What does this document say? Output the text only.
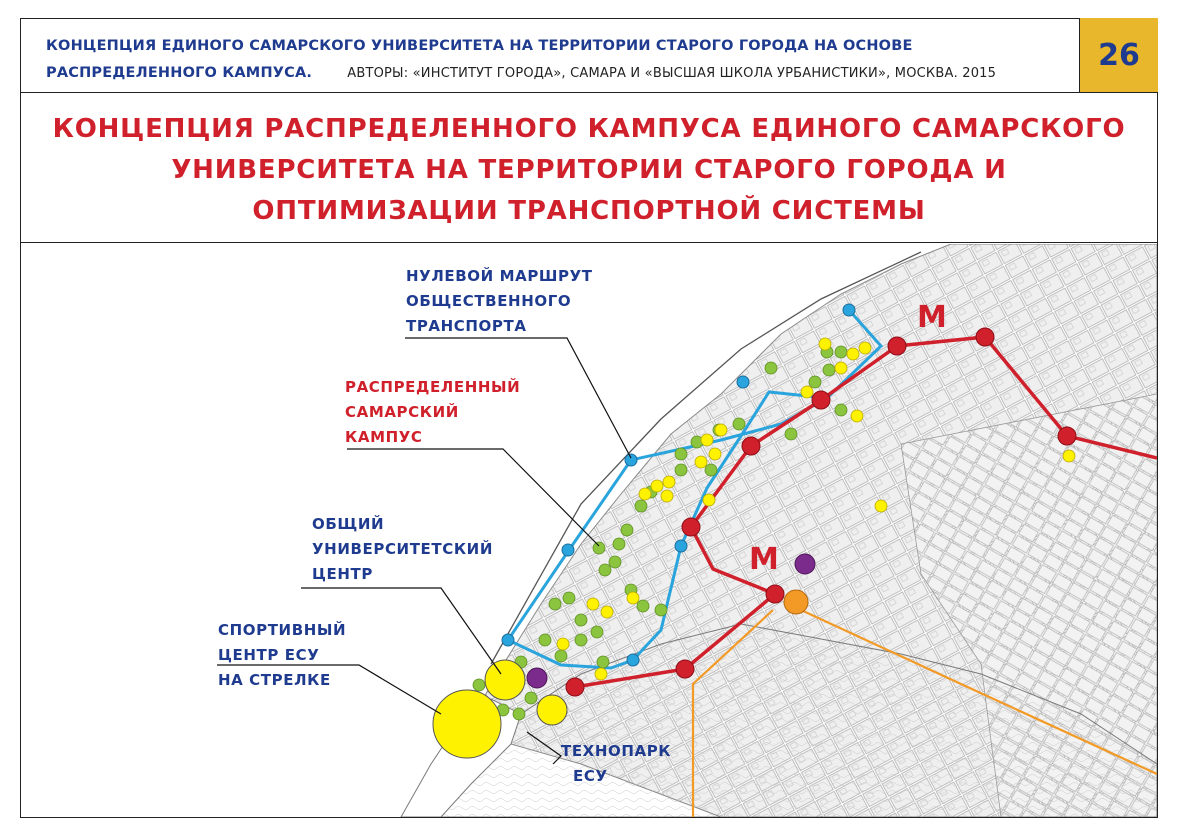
КОНЦЕПЦИЯ ЕДИНОГО САМАРСКОГО УНИВЕРСИТЕТА НА ТЕРРИТОРИИ СТАРОГО ГОРОДА НА ОСНОВЕ
РАСПРЕДЕЛЕННОГО КАМПУСА.	АВТОРЫ: «ИНСТИТУТ ГОРОДА», САМАРА И «ВЫСШАЯ ШКОЛА УРБАНИСТИКИ», МОСКВА. 2015
26
КОНЦЕПЦИЯ РАСПРЕДЕЛЕННОГО КАМПУСА ЕДИНОГО САМАРСКОГО
УНИВЕРСИТЕТА НА ТЕРРИТОРИИ СТАРОГО ГОРОДА И
ОПТИМИЗАЦИИ ТРАНСПОРТНОЙ СИСТЕМЫ
М
М
НУЛЕВОЙ МАРШРУТ
ОБЩЕСТВЕННОГО
ТРАНСПОРТА
РАСПРЕДЕЛЕННЫЙ
САМАРСКИЙ
КАМПУС
ОБЩИЙ
УНИВЕРСИТЕТСКИЙ
ЦЕНТР
СПОРТИВНЫЙ
ЦЕНТР ЕСУ
НА СТРЕЛКЕ
ТЕХНОПАРК
ЕСУ
